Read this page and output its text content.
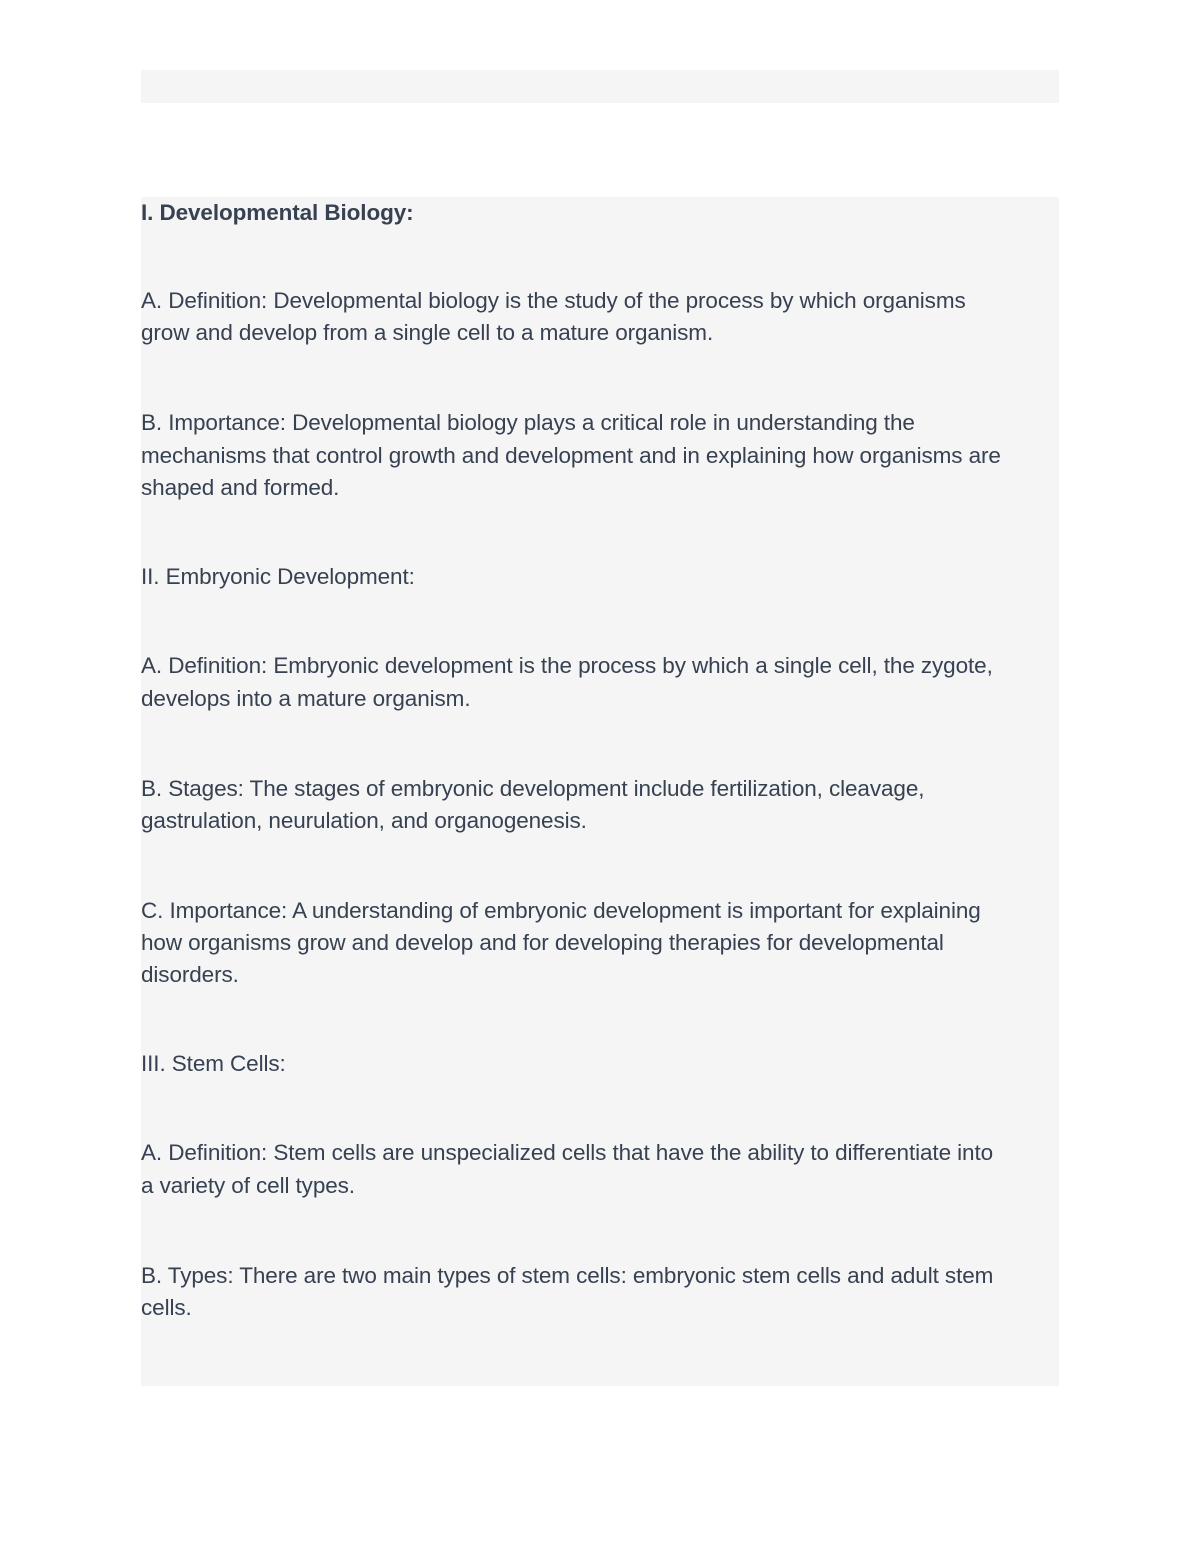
I. Developmental Biology:

A. Definition: Developmental biology is the study of the process by which organisms

grow and develop from a single cell to a mature organism.

B. Importance: Developmental biology plays a critical role in understanding the

mechanisms that control growth and development and in explaining how organisms are

shaped and formed.

II. Embryonic Development:

A. Definition: Embryonic development is the process by which a single cell, the zygote,

develops into a mature organism.

B. Stages: The stages of embryonic development include fertilization, cleavage,

gastrulation, neurulation, and organogenesis.

C. Importance: A understanding of embryonic development is important for explaining

how organisms grow and develop and for developing therapies for developmental

disorders.

III. Stem Cells:

A. Definition: Stem cells are unspecialized cells that have the ability to differentiate into

a variety of cell types.

B. Types: There are two main types of stem cells: embryonic stem cells and adult stem

cells.
